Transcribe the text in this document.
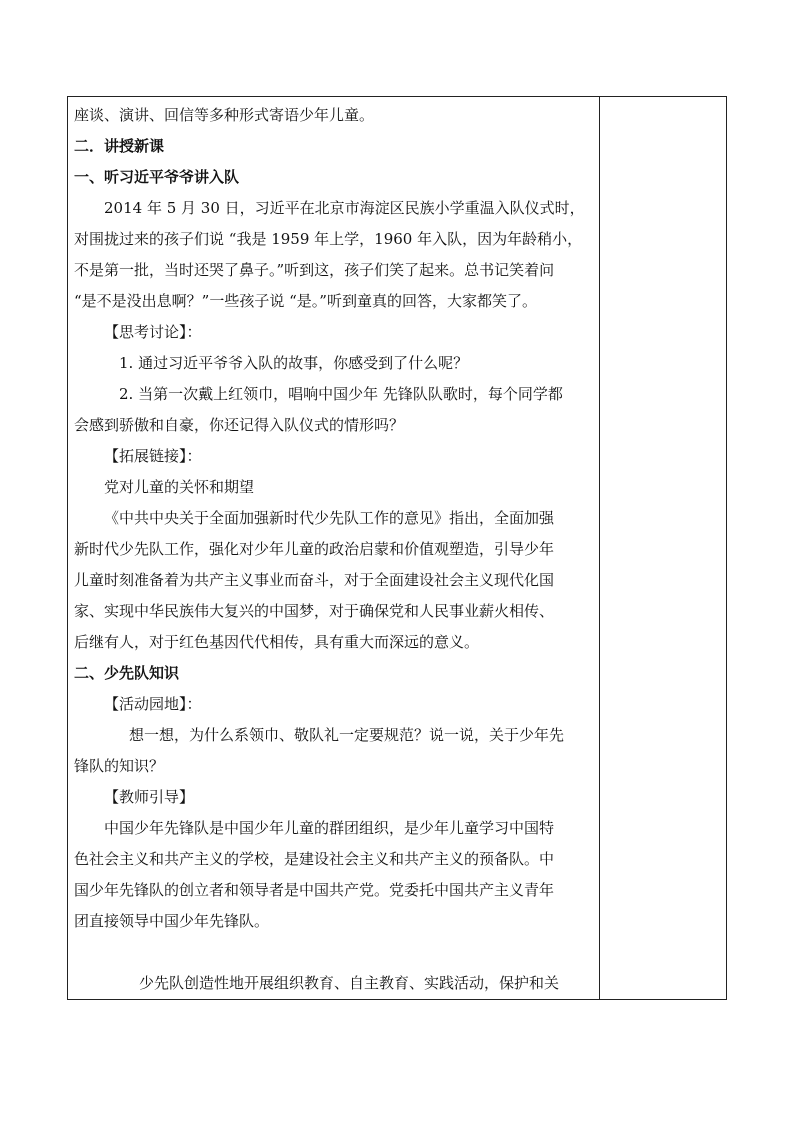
座谈、演讲、回信等多种形式寄语少年儿童。
二．讲授新课
一、听习近平爷爷讲入队
2014 年 5 月 30 日，习近平在北京市海淀区民族小学重温入队仪式时，
对围拢过来的孩子们说 “我是 1959 年上学，1960 年入队，因为年龄稍小，
不是第一批，当时还哭了鼻子。”听到这，孩子们笑了起来。总书记笑着问
“是不是没出息啊？”一些孩子说 “是。”听到童真的回答，大家都笑了。
【思考讨论】：
1. 通过习近平爷爷入队的故事，你感受到了什么呢？
2. 当第一次戴上红领巾，唱响中国少年 先锋队队歌时，每个同学都
会感到骄傲和自豪，你还记得入队仪式的情形吗？
【拓展链接】：
党对儿童的关怀和期望
《中共中央关于全面加强新时代少先队工作的意见》指出，全面加强
新时代少先队工作，强化对少年儿童的政治启蒙和价值观塑造，引导少年
儿童时刻准备着为共产主义事业而奋斗，对于全面建设社会主义现代化国
家、实现中华民族伟大复兴的中国梦，对于确保党和人民事业薪火相传、
后继有人，对于红色基因代代相传，具有重大而深远的意义。
二、少先队知识
【活动园地】：
想一想，为什么系领巾、敬队礼一定要规范？说一说，关于少年先
锋队的知识？
【教师引导】
中国少年先锋队是中国少年儿童的群团组织，是少年儿童学习中国特
色社会主义和共产主义的学校，是建设社会主义和共产主义的预备队。中
国少年先锋队的创立者和领导者是中国共产党。党委托中国共产主义青年
团直接领导中国少年先锋队。
少先队创造性地开展组织教育、自主教育、实践活动，保护和关
